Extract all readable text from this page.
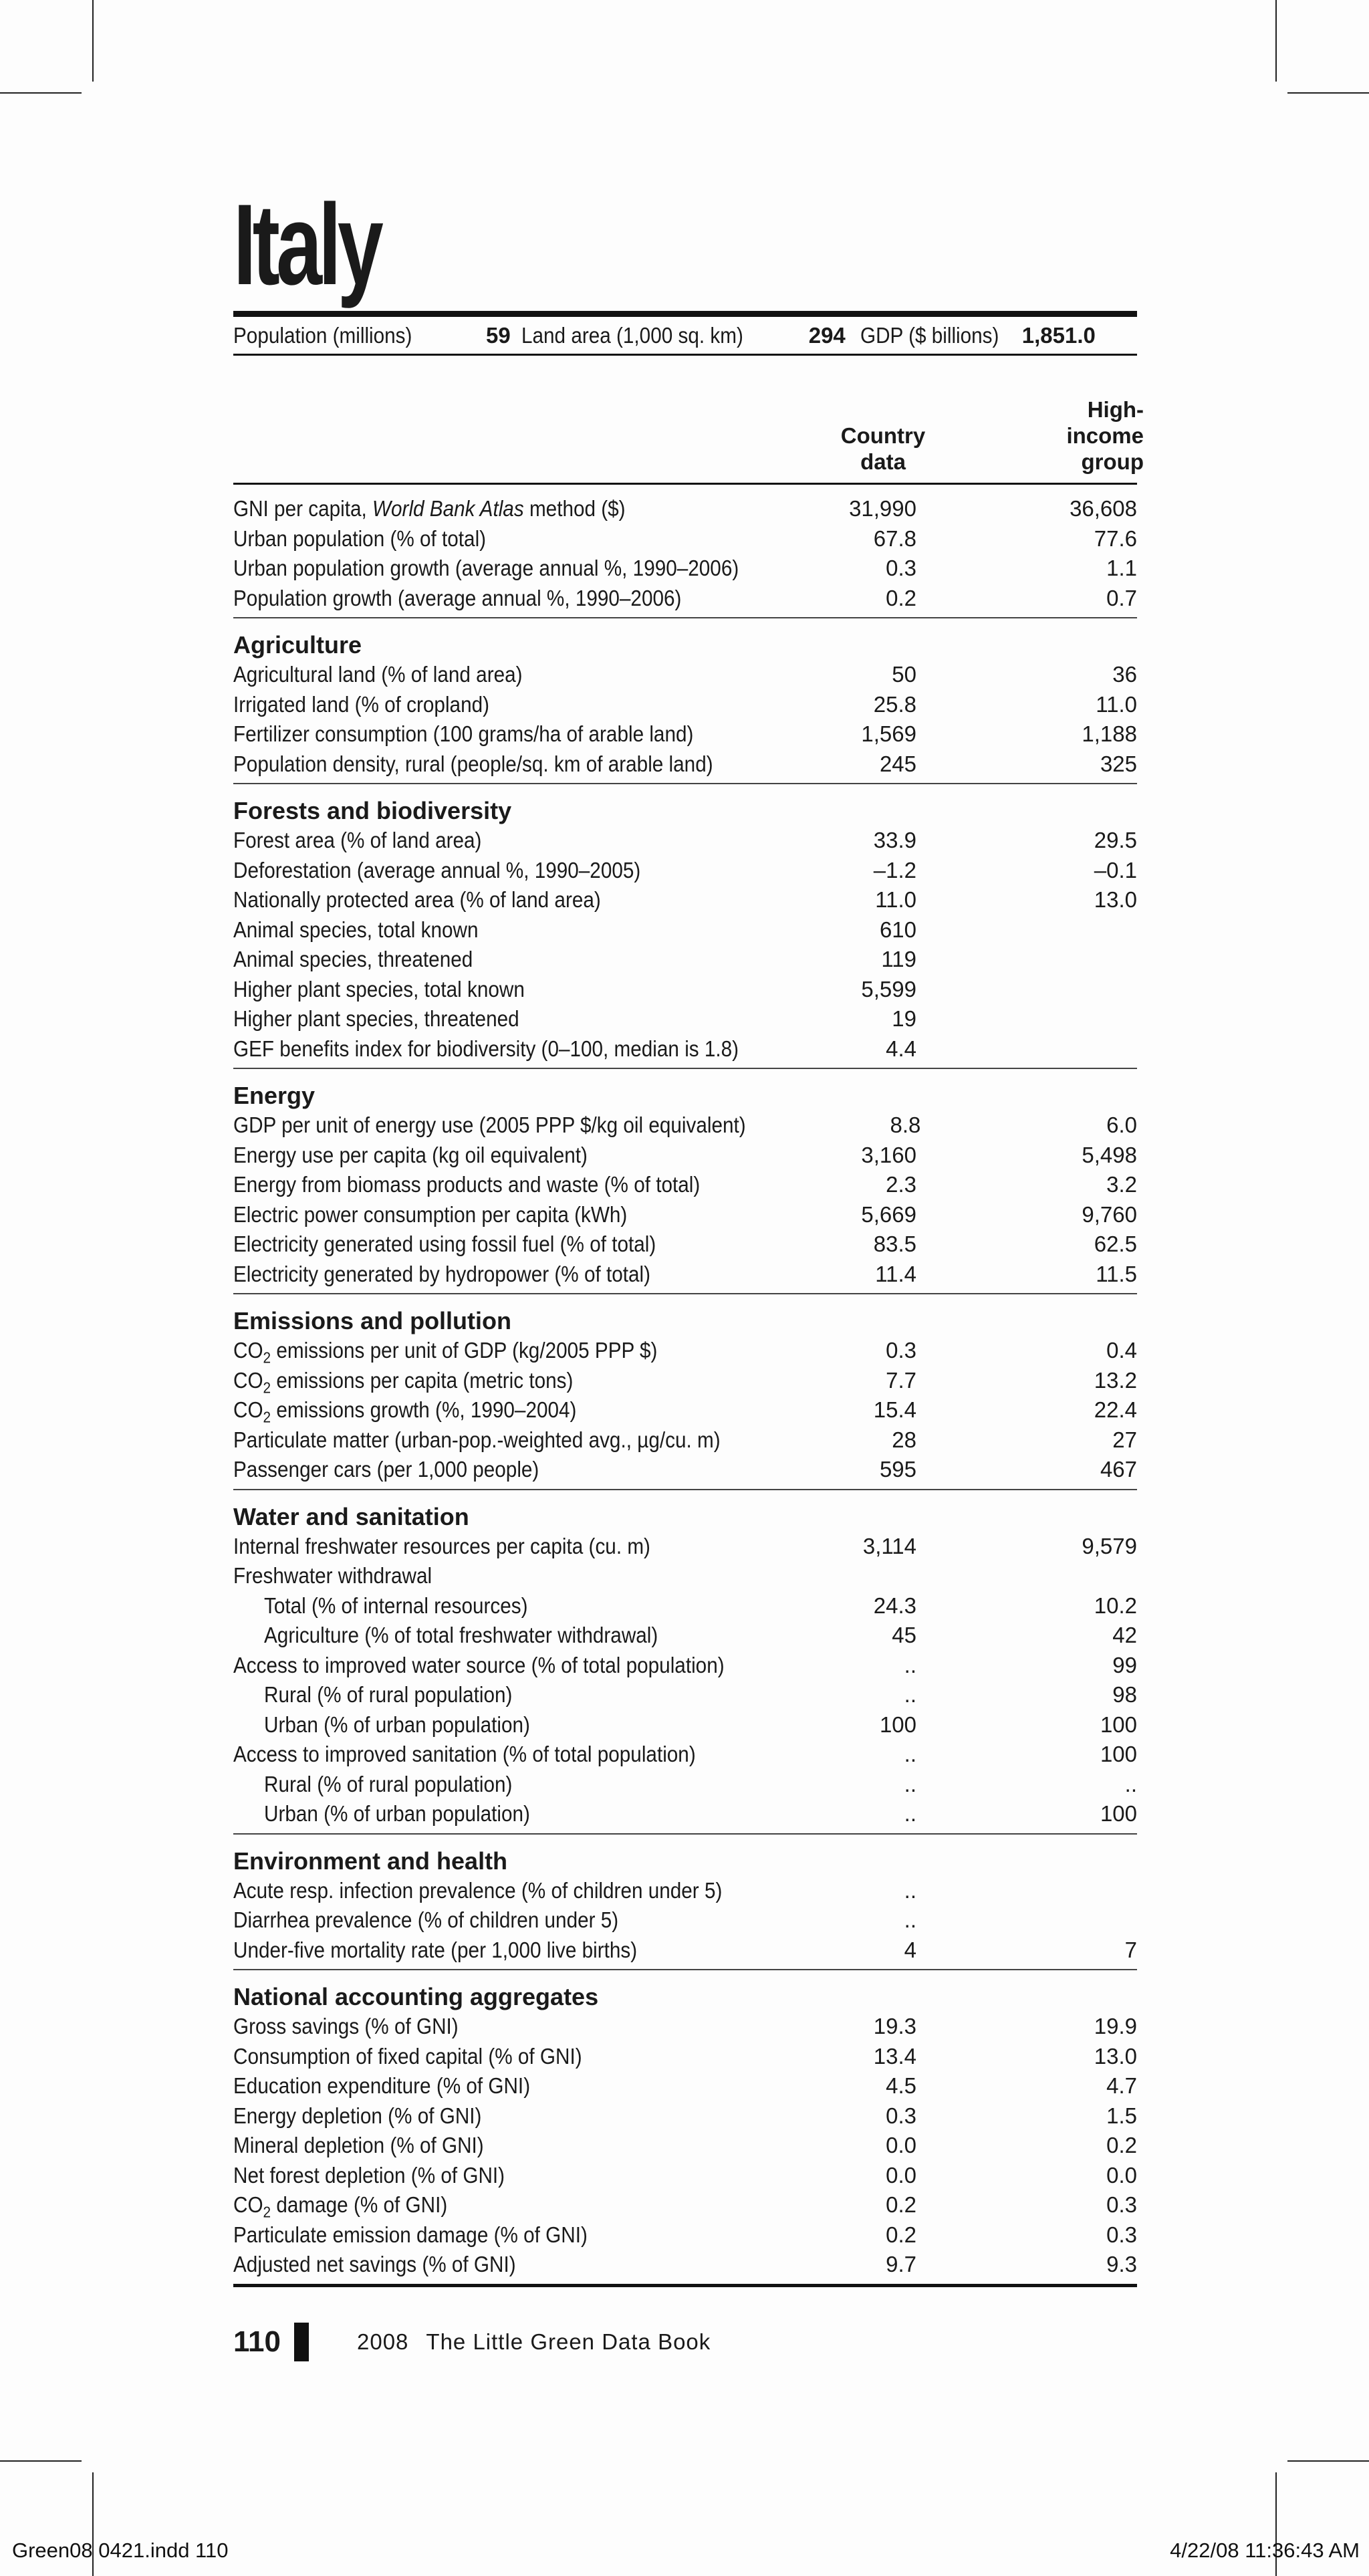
Italy
Population (millions)	59 Land area (1,000 sq. km)	294 GDP ($ billions) 1,851.0
Country
data
High-
income
group
GNI per capita, World Bank Atlas method ($)	31,990	36,608
Urban population (% of total)	67.8	77.6
Urban population growth (average annual %, 1990–2006)	0.3	1.1
Population growth (average annual %, 1990–2006)	0.2	0.7
Agriculture
Agricultural land (% of land area)	50	36
Irrigated land (% of cropland)	25.8	11.0
Fertilizer consumption (100 grams/ha of arable land)	1,569	1,188
Population density, rural (people/sq. km of arable land)	245	325
Forests and biodiversity
Forest area (% of land area)	33.9	29.5
Deforestation (average annual %, 1990–2005)	–1.2	–0.1
Nationally protected area (% of land area)	11.0	13.0
Animal species, total known	610
Animal species, threatened	119
Higher plant species, total known	5,599
Higher plant species, threatened	19
GEF benefits index for biodiversity (0–100, median is 1.8)	4.4
Energy
GDP per unit of energy use (2005 PPP $/kg oil equivalent)	8.8	6.0
Energy use per capita (kg oil equivalent)	3,160	5,498
Energy from biomass products and waste (% of total)	2.3	3.2
Electric power consumption per capita (kWh)	5,669	9,760
Electricity generated using fossil fuel (% of total)	83.5	62.5
Electricity generated by hydropower (% of total)	11.4	11.5
Emissions and pollution
$CO_2$ emissions per unit of GDP (kg/2005 PPP $)	0.3	0.4
$CO_2$ emissions per capita (metric tons)	7.7	13.2
$CO_2$ emissions growth (%, 1990–2004)	15.4	22.4
Particulate matter (urban-pop.-weighted avg., µg/cu. m)	28	27
Passenger cars (per 1,000 people)	595	467
Water and sanitation
Internal freshwater resources per capita (cu. m)	3,114	9,579
Freshwater withdrawal
Total (% of internal resources)	24.3	10.2
Agriculture (% of total freshwater withdrawal)	45	42
Access to improved water source (% of total population)	..	99
Rural (% of rural population)	..	98
Urban (% of urban population)	100	100
Access to improved sanitation (% of total population)	..	100
Rural (% of rural population)	..	..
Urban (% of urban population)	..	100
Environment and health
Acute resp. infection prevalence (% of children under 5)	..
Diarrhea prevalence (% of children under 5)	..
Under-five mortality rate (per 1,000 live births)	4	7
National accounting aggregates
Gross savings (% of GNI)	19.3	19.9
Consumption of fixed capital (% of GNI)	13.4	13.0
Education expenditure (% of GNI)	4.5	4.7
Energy depletion (% of GNI)	0.3	1.5
Mineral depletion (% of GNI)	0.0	0.2
Net forest depletion (% of GNI)	0.0	0.0
$CO_2$ damage (% of GNI)	0.2	0.3
Particulate emission damage (% of GNI)	0.2	0.3
Adjusted net savings (% of GNI)	9.7	9.3
110	2008 The Little Green Data Book
Green08 0421.indd 110	4/22/08 11:36:43 AM
